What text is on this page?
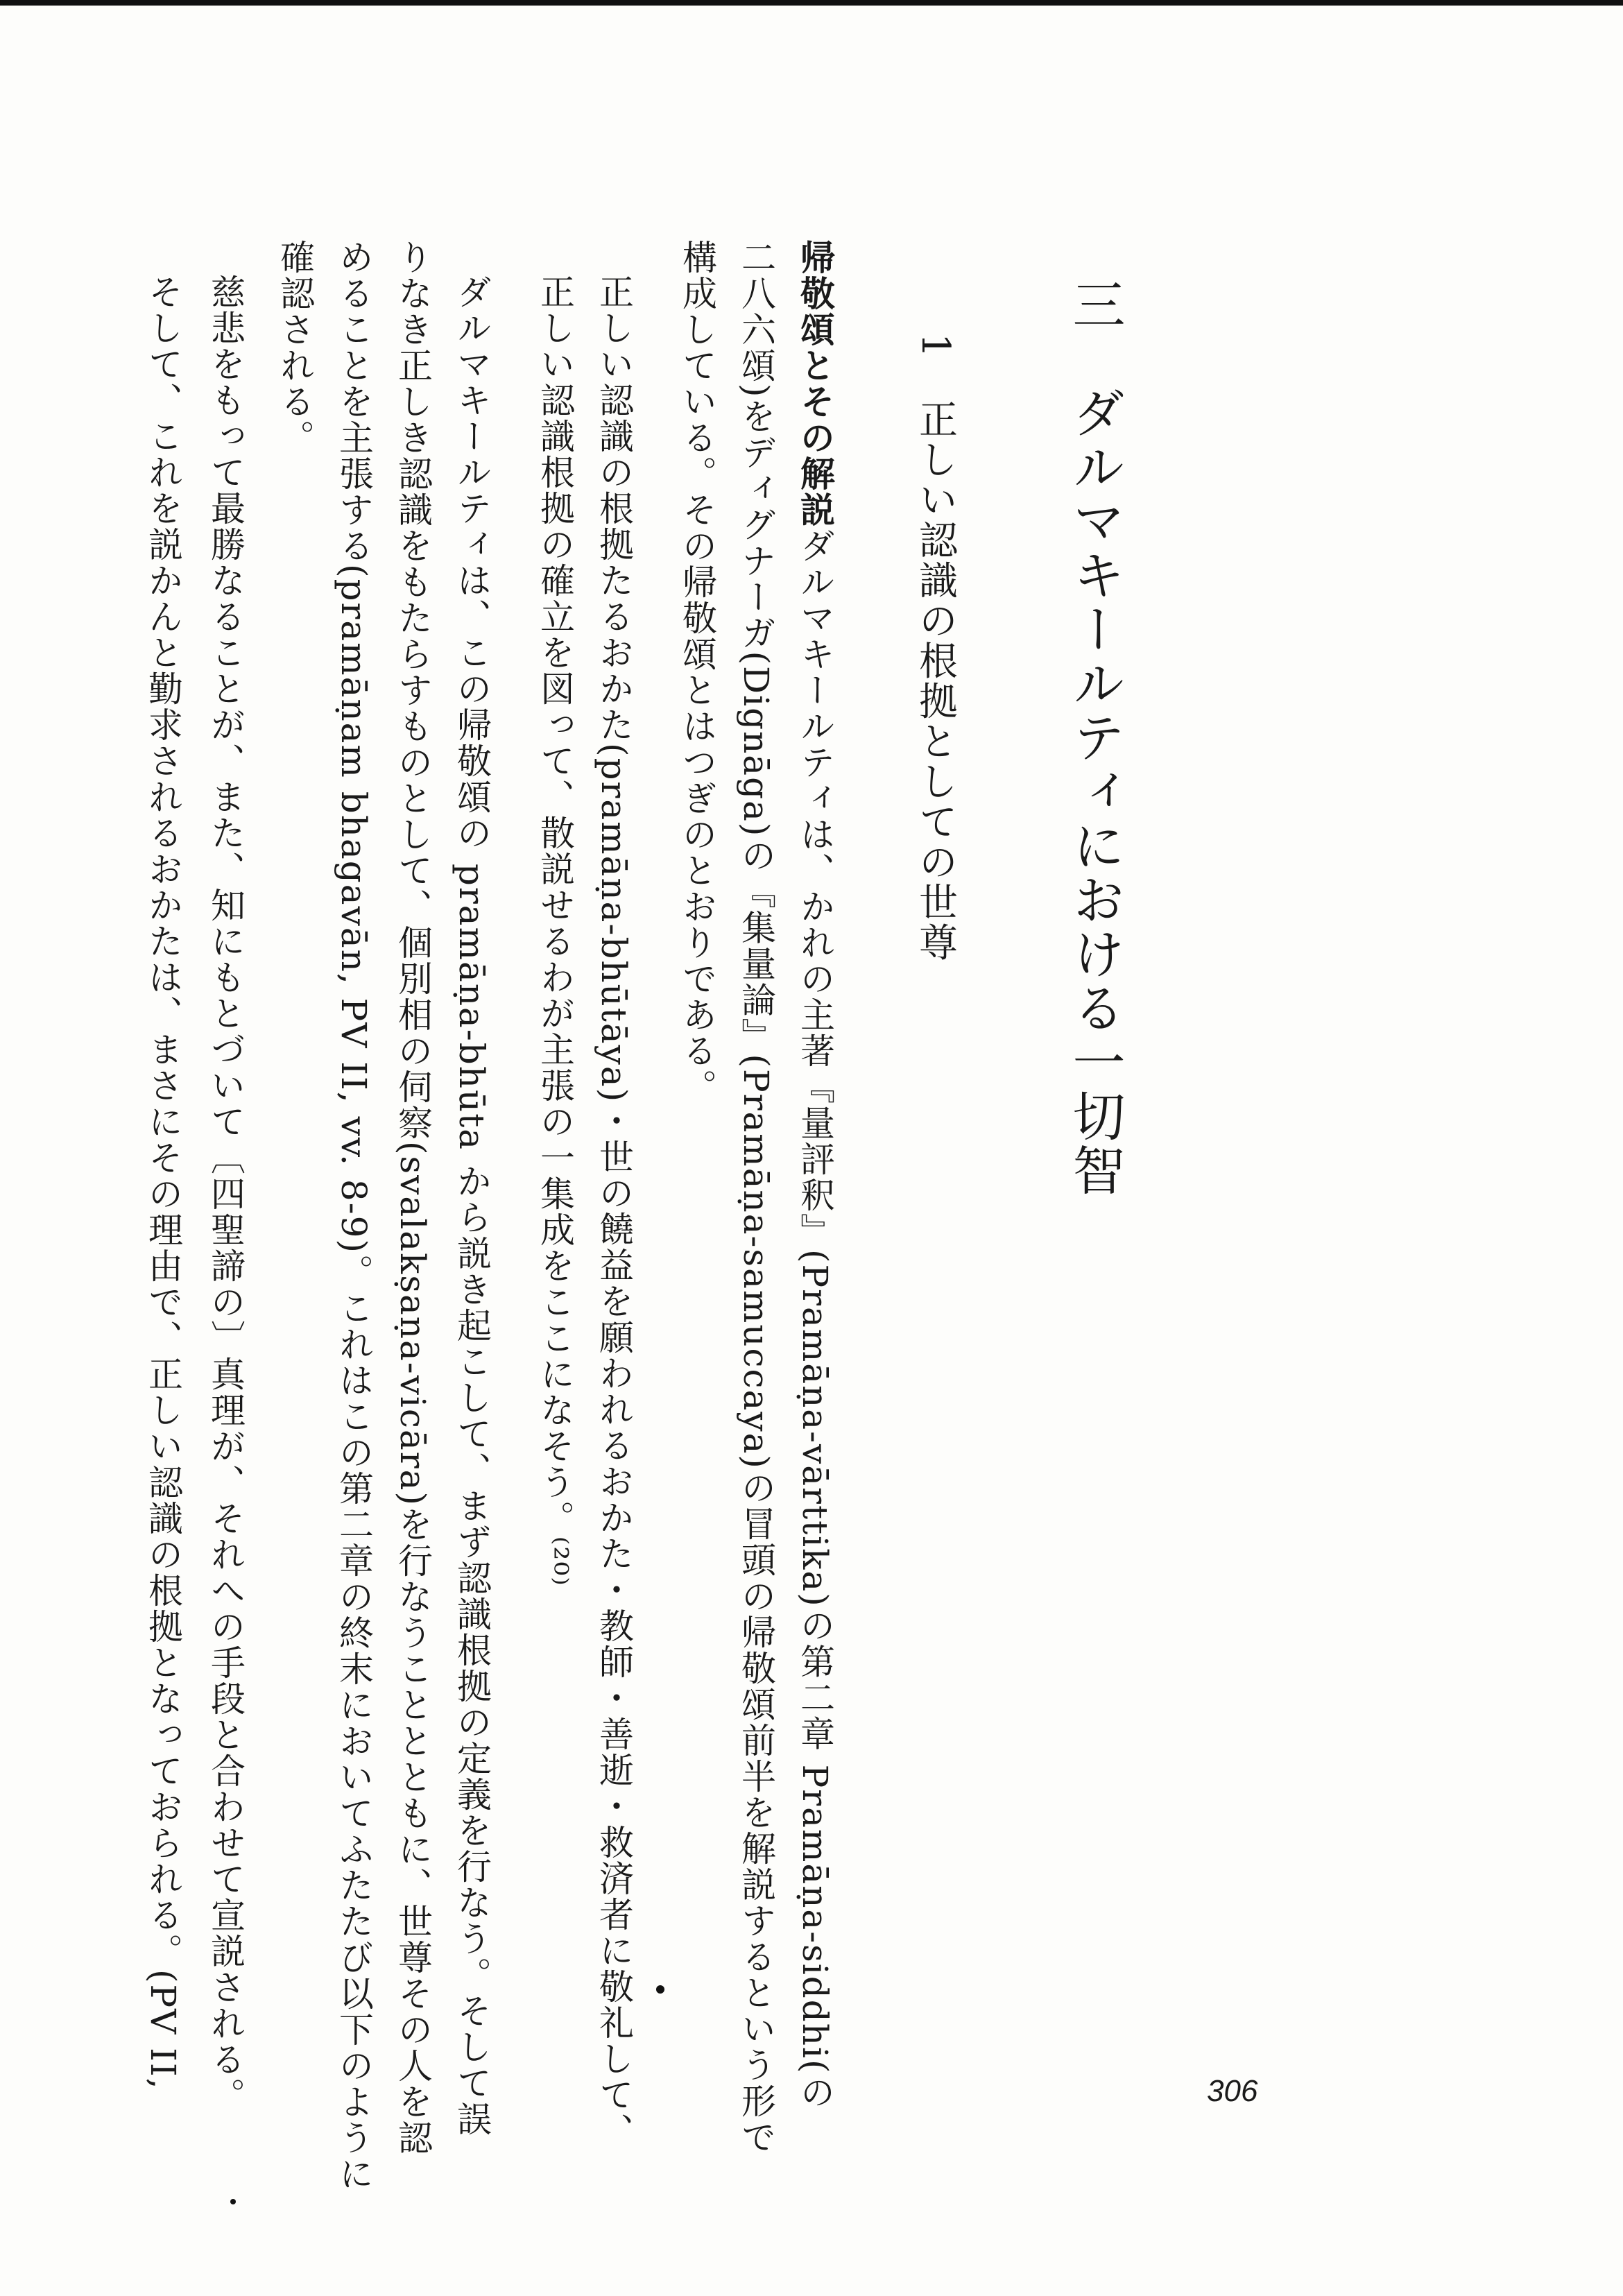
三　ダルマキールティにおける一切智
1　正しい認識の根拠としての世尊
帰敬頌とその解説ダルマキールティは、かれの主著『量評釈』(Pramāṇa-vārttika)の第二章 Pramāṇa-siddhi(の
二八六頌)をディグナーガ(Dignāga)の『集量論』(Pramāṇa-samuccaya)の冒頭の帰敬頌前半を解説するという形で
構成している。その帰敬頌とはつぎのとおりである。
正しい認識の根拠たるおかた(pramāṇa-bhūtāya)・世の饒益を願われるおかた・教師・善逝・救済者に敬礼して、
正しい認識根拠の確立を図って、散説せるわが主張の一集成をここになそう。⁽²⁰⁾
ダルマキールティは、この帰敬頌の pramāṇa-bhūta から説き起こして、まず認識根拠の定義を行なう。そして誤
りなき正しき認識をもたらすものとして、個別相の伺察(svalakṣaṇa-vicāra)を行なうこととともに、世尊その人を認
めることを主張する(pramāṇam bhagavān, PV II, vv. 8-9)。これはこの第二章の終末においてふたたび以下のように
確認される。
慈悲をもって最勝なることが、また、知にもとづいて〔四聖諦の〕真理が、それへの手段と合わせて宣説される。
そして、これを説かんと勤求されるおかたは、まさにその理由で、正しい認識の根拠となっておられる。(PV II,
306
